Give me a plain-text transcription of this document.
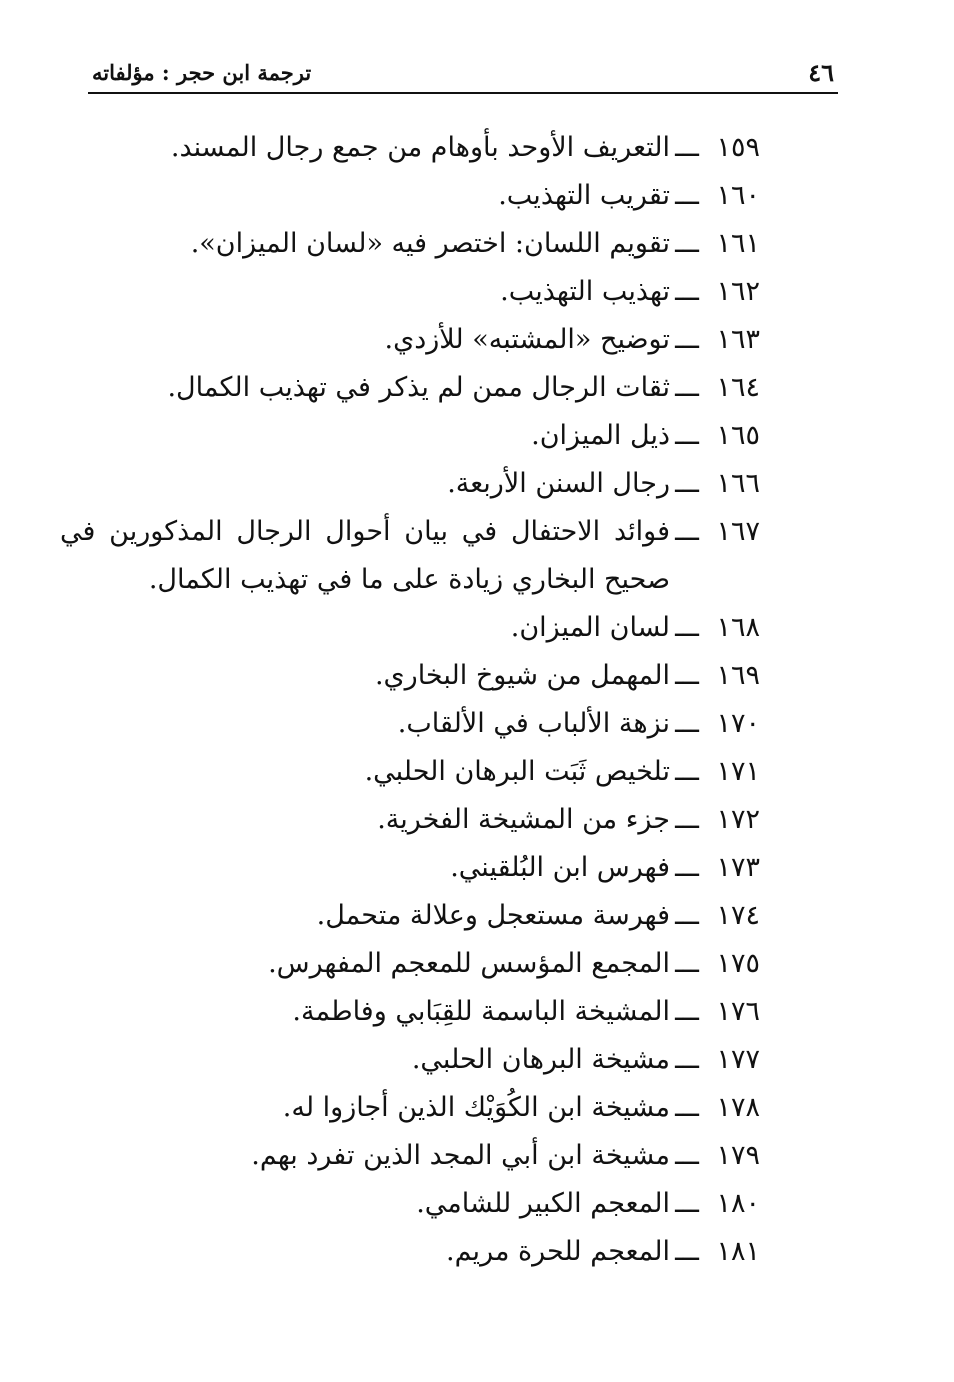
٤٦
ترجمة ابن حجر : مؤلفاته
١٥٩
ـــ
التعريف الأوحد بأوهام من جمع رجال المسند.
١٦٠
ـــ
تقريب التهذيب.
١٦١
ـــ
تقويم اللسان: اختصر فيه «لسان الميزان».
١٦٢
ـــ
تهذيب التهذيب.
١٦٣
ـــ
توضيح «المشتبه» للأزدي.
١٦٤
ـــ
ثقات الرجال ممن لم يذكر في تهذيب الكمال.
١٦٥
ـــ
ذيل الميزان.
١٦٦
ـــ
رجال السنن الأربعة.
١٦٧
ـــ
فوائد الاحتفال في بيان أحوال الرجال المذكورين في
صحيح البخاري زيادة على ما في تهذيب الكمال.
١٦٨
ـــ
لسان الميزان.
١٦٩
ـــ
المهمل من شيوخ البخاري.
١٧٠
ـــ
نزهة الألباب في الألقاب.
١٧١
ـــ
تلخيص ثَبَت البرهان الحلبي.
١٧٢
ـــ
جزء من المشيخة الفخرية.
١٧٣
ـــ
فهرس ابن البُلقيني.
١٧٤
ـــ
فهرسة مستعجل وعلالة متحمل.
١٧٥
ـــ
المجمع المؤسس للمعجم المفهرس.
١٧٦
ـــ
المشيخة الباسمة للقِبَابي وفاطمة.
١٧٧
ـــ
مشيخة البرهان الحلبي.
١٧٨
ـــ
مشيخة ابن الكُوَيْك الذين أجازوا له.
١٧٩
ـــ
مشيخة ابن أبي المجد الذين تفرد بهم.
١٨٠
ـــ
المعجم الكبير للشامي.
١٨١
ـــ
المعجم للحرة مريم.
